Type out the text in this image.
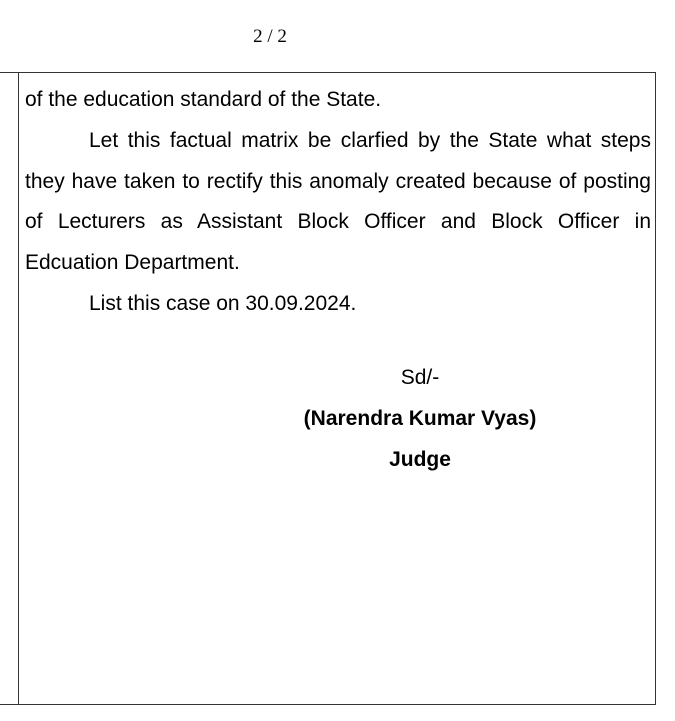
2 / 2

of the education standard of the State.

Let this factual matrix be clarfied by the State what steps they have taken to rectify this anomaly created because of posting of Lecturers as Assistant Block Officer and Block Officer in Edcuation Department.

List this case on 30.09.2024.

Sd/-
(Narendra Kumar Vyas)
Judge
